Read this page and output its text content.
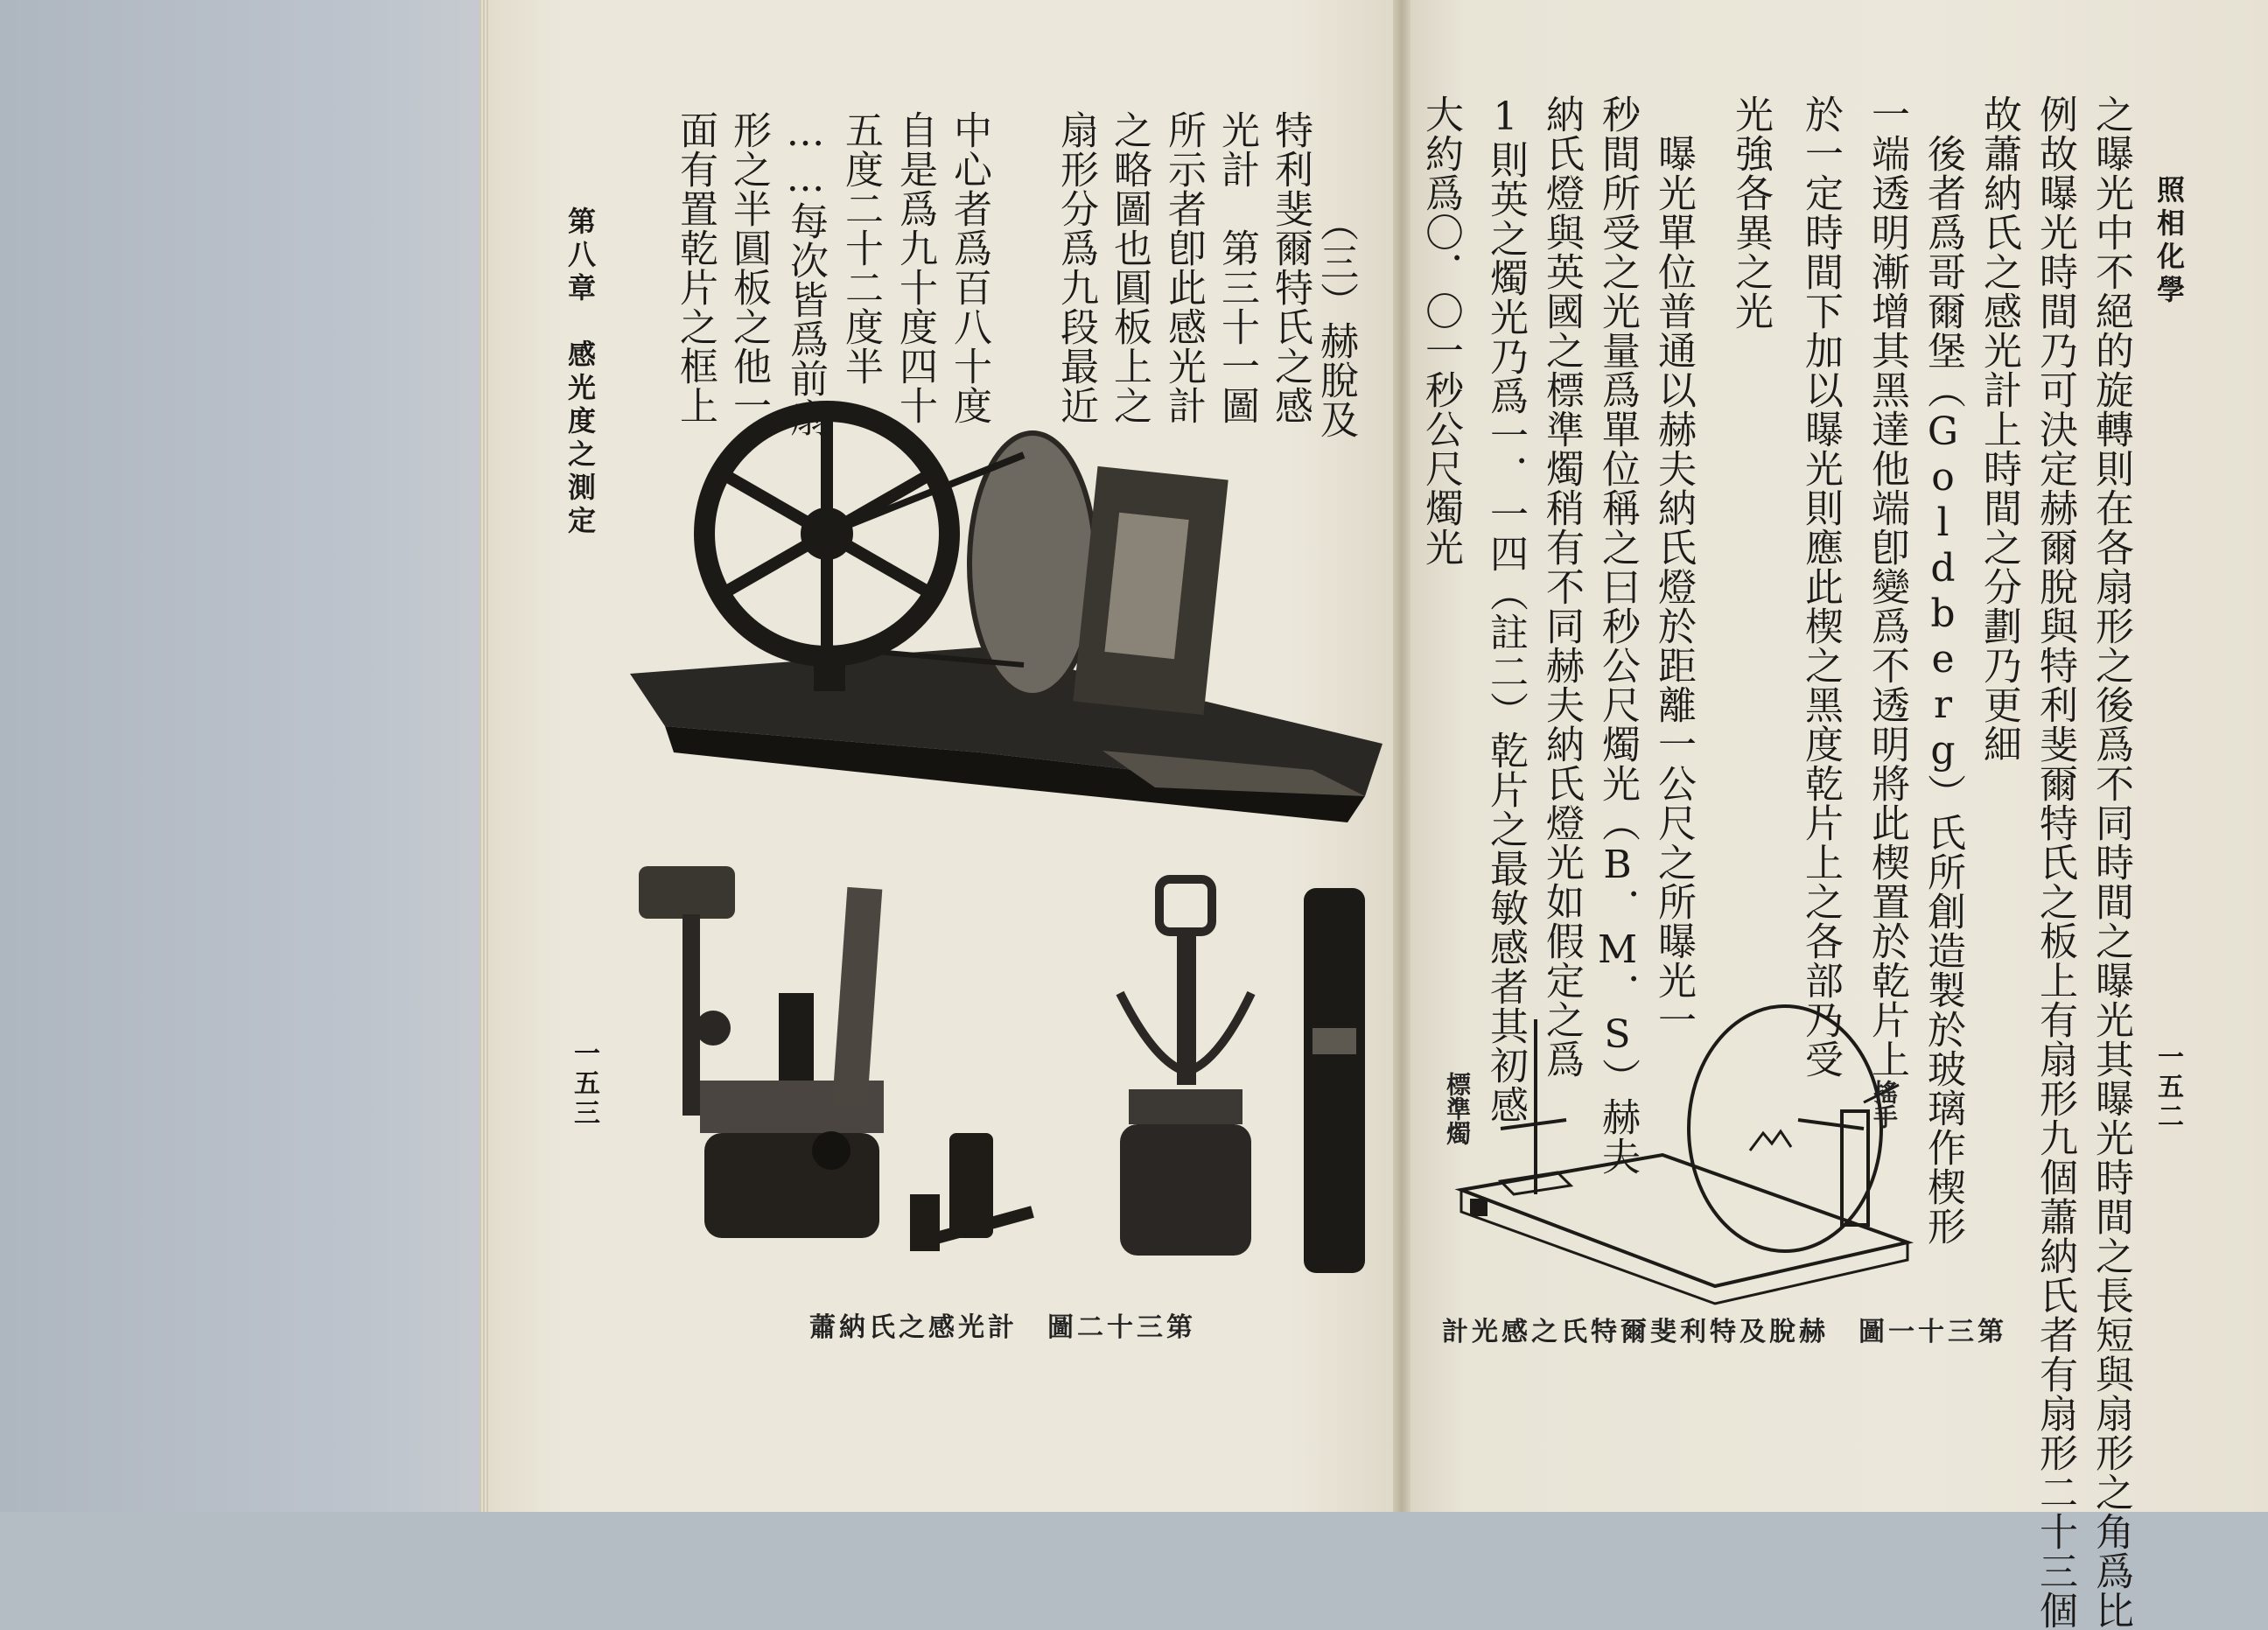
第八章　感光度之測定
一五三
（三）赫脫及
特利斐爾特氏之感
光計　第三十一圖
所示者卽此感光計
之略圖也圓板上之
扇形分爲九段最近
中心者爲百八十度
自是爲九十度四十
五度二十二度半
……每次皆爲前扇
形之半圓板之他一
面有置乾片之框上
蕭納氏之感光計　圖二十三第
照相化學
一五二
之曝光中不絕的旋轉則在各扇形之後爲不同時間之曝光其曝光時間之長短與扇形之角爲比
例故曝光時間乃可決定赫爾脫與特利斐爾特氏之板上有扇形九個蕭納氏者有扇形二十三個
故蕭納氏之感光計上時間之分劃乃更細
　後者爲哥爾堡（Goldberg）氏所創造製於玻璃作楔形
一端透明漸增其黑達他端卽變爲不透明將此楔置於乾片上
於一定時間下加以曝光則應此楔之黑度乾片上之各部乃受
光強各異之光
　曝光單位普通以赫夫納氏燈於距離一公尺之所曝光一
秒間所受之光量爲單位稱之曰秒公尺燭光（B．M．S）赫夫
納氏燈與英國之標準燭稍有不同赫夫納氏燈光如假定之爲
1則英之燭光乃爲一．一四（註二）乾片之最敏感者其初感
大約爲〇．〇一秒公尺燭光
標準燭	搖手
計光感之氏特爾斐利特及脫赫　圖一十三第
